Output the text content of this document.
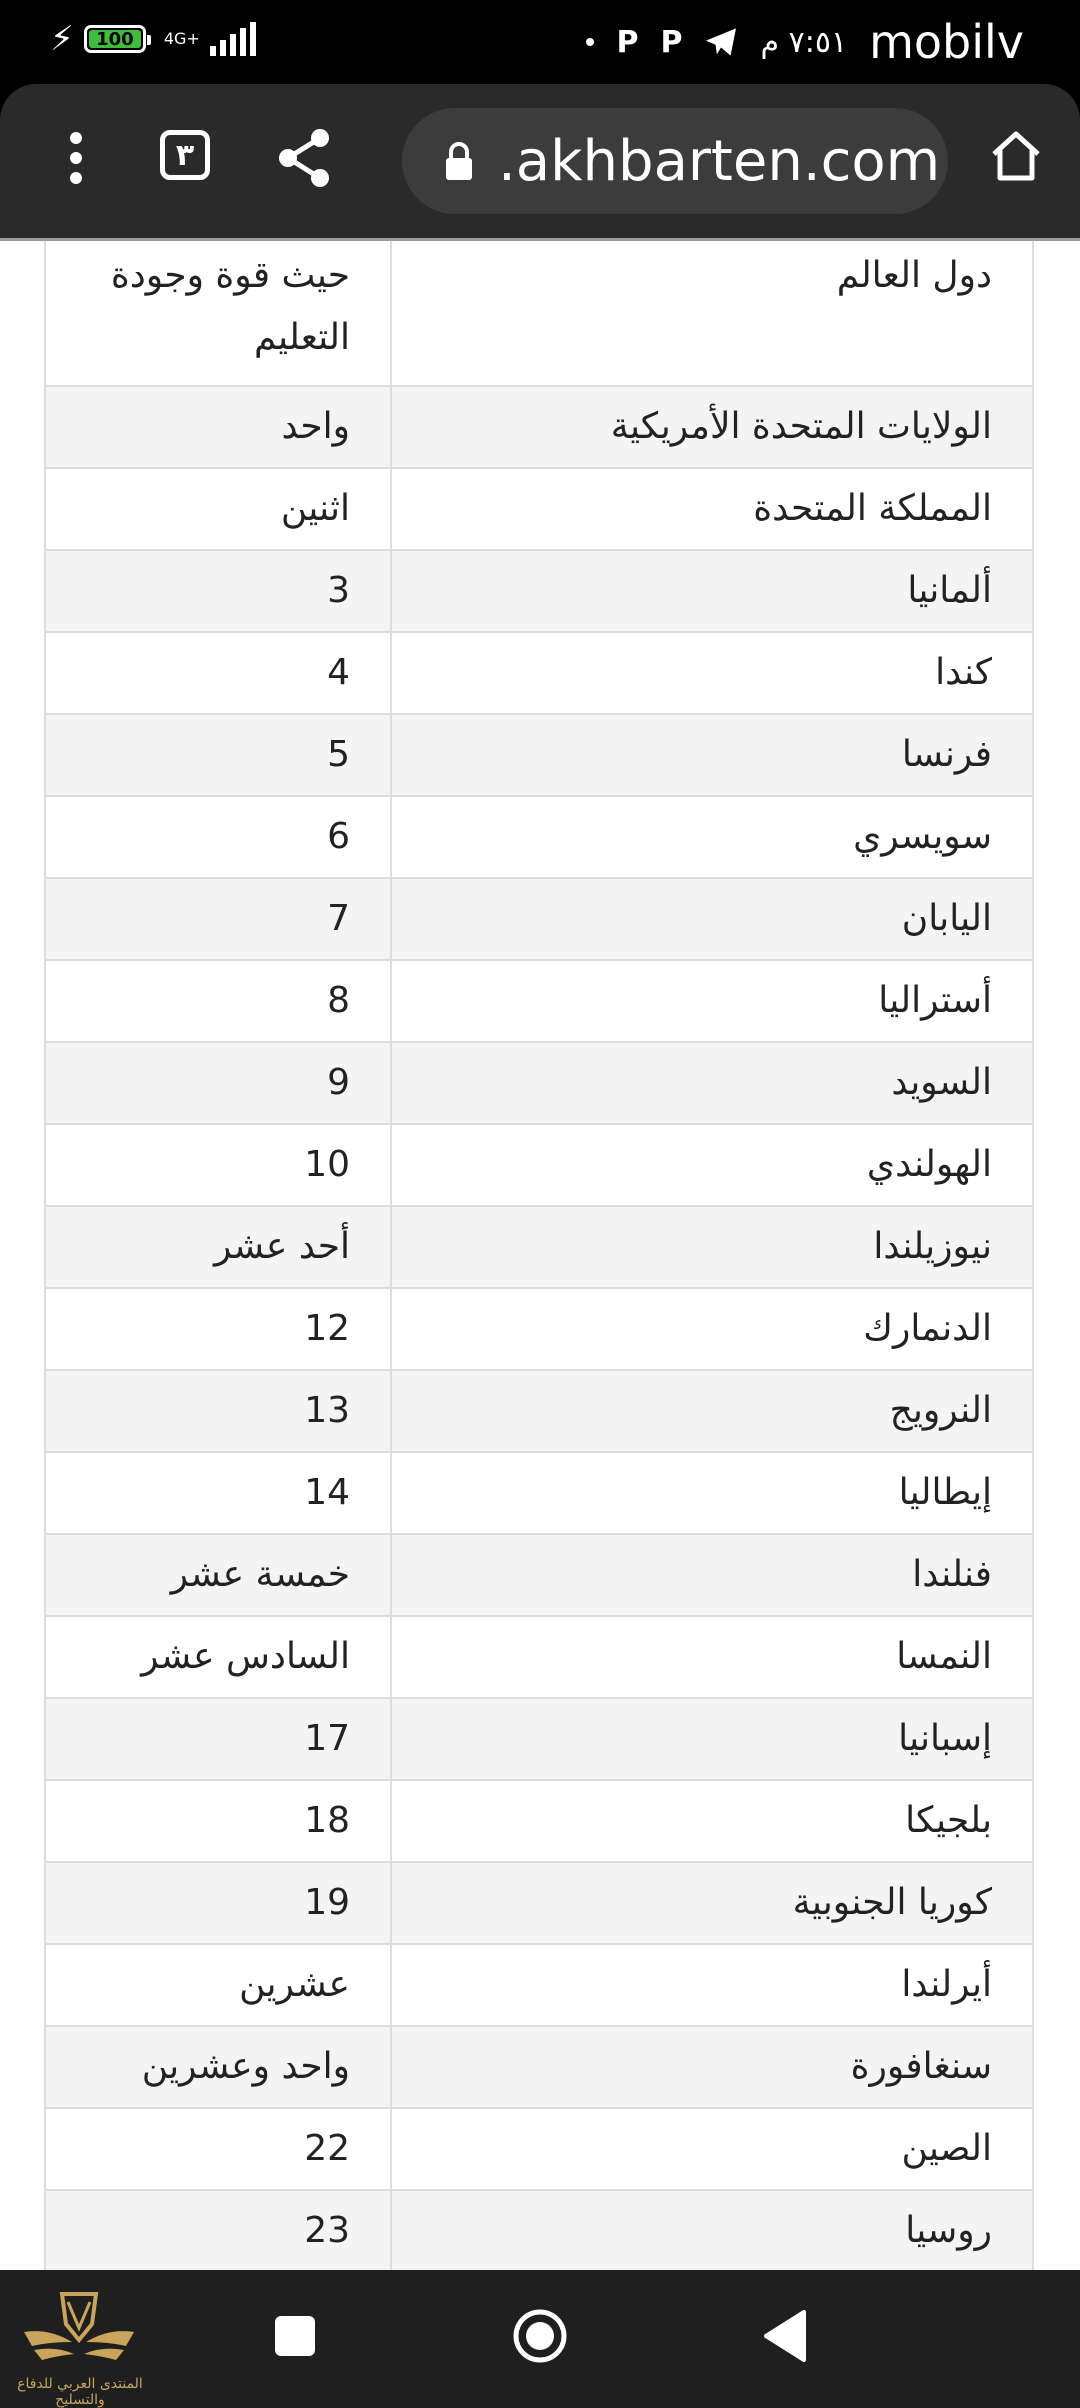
⚡	100	4G+	P P	٧:٥١ م mobilv
٣	.akhbarten.com
دول العالم	حيث قوة وجودة التعليم
الولايات المتحدة الأمريكية	واحد
المملكة المتحدة	اثنين
ألمانيا	3
كندا	4
فرنسا	5
سويسري	6
اليابان	7
أستراليا	8
السويد	9
الهولندي	10
نيوزيلندا	أحد عشر
الدنمارك	12
النرويج	13
إيطاليا	14
فنلندا	خمسة عشر
النمسا	السادس عشر
إسبانيا	17
بلجيكا	18
كوريا الجنوبية	19
أيرلندا	عشرين
سنغافورة	واحد وعشرين
الصين	22
روسيا	23
المنتدى العربي للدفاع والتسليح
